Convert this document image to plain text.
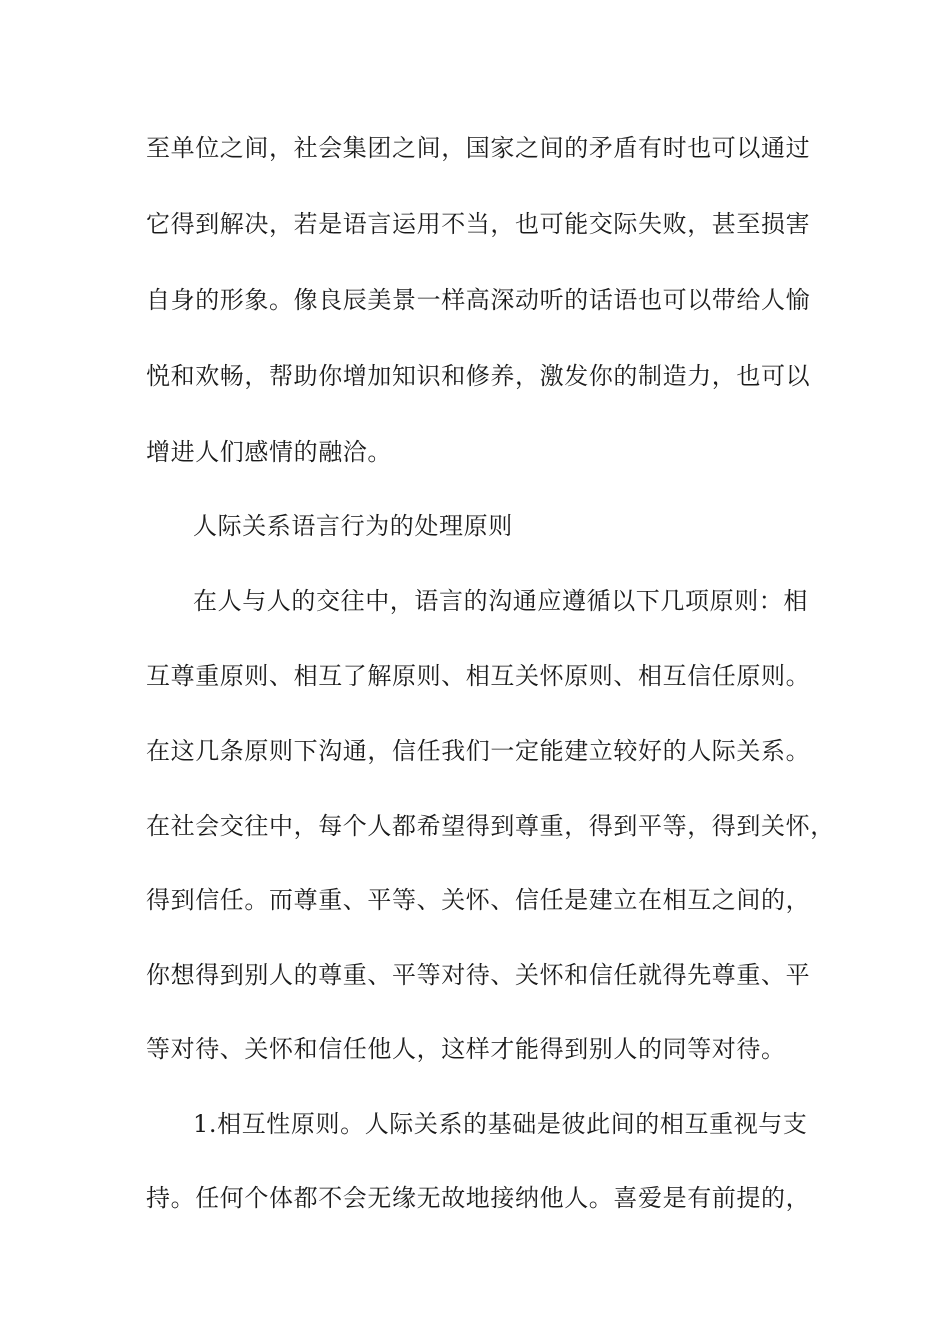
至单位之间，社会集团之间，国家之间的矛盾有时也可以通过
它得到解决，若是语言运用不当，也可能交际失败，甚至损害
自身的形象。像良辰美景一样高深动听的话语也可以带给人愉
悦和欢畅，帮助你增加知识和修养，激发你的制造力，也可以
增进人们感情的融洽。
人际关系语言行为的处理原则
在人与人的交往中，语言的沟通应遵循以下几项原则：相
互尊重原则、相互了解原则、相互关怀原则、相互信任原则。
在这几条原则下沟通，信任我们一定能建立较好的人际关系。
在社会交往中，每个人都希望得到尊重，得到平等，得到关怀，
得到信任。而尊重、平等、关怀、信任是建立在相互之间的，
你想得到别人的尊重、平等对待、关怀和信任就得先尊重、平
等对待、关怀和信任他人，这样才能得到别人的同等对待。
1.相互性原则。人际关系的基础是彼此间的相互重视与支
持。任何个体都不会无缘无故地接纳他人。喜爱是有前提的，
